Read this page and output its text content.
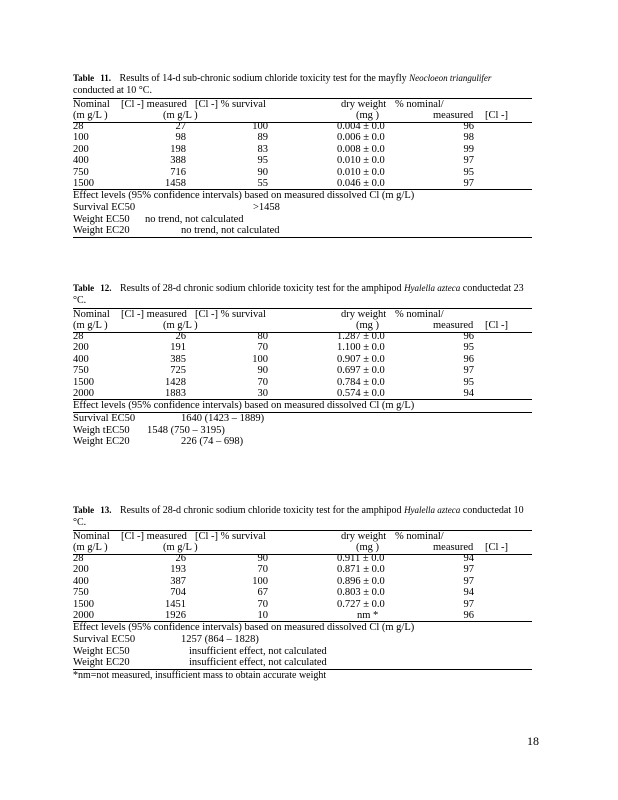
Table 11. Results of 14-d sub-chronic sodium chloride toxicity test for the mayfly Neocloeon triangulifer conducted at 10 °C.
Nominal [Cl -] measured [Cl -] % survival	dry weight % nominal/
(m g/L )	(m g/L )	(mg )	measured [Cl -]
28	27	100	0.004 ± 0.0	96
100	98	89	0.006 ± 0.0	98
200	198	83	0.008 ± 0.0	99
400	388	95	0.010 ± 0.0	97
750	716	90	0.010 ± 0.0	95
1500	1458	55	0.046 ± 0.0	97
Effect levels (95% confidence intervals) based on measured dissolved Cl (m g/L)
Survival EC50	>1458
Weight EC50 no trend, not calculated
Weight EC20	no trend, not calculated
Table 12. Results of 28-d chronic sodium chloride toxicity test for the amphipod Hyalella azteca conductedat 23 °C.
Nominal [Cl -] measured [Cl -] % survival	dry weight % nominal/
(m g/L )	(m g/L )	(mg )	measured [Cl -]
28	26	80	1.287 ± 0.0	96
200	191	70	1.100 ± 0.0	95
400	385	100	0.907 ± 0.0	96
750	725	90	0.697 ± 0.0	97
1500	1428	70	0.784 ± 0.0	95
2000	1883	30	0.574 ± 0.0	94
Effect levels (95% confidence intervals) based on measured dissolved Cl (m g/L)
Survival EC50	1640 (1423 – 1889)
Weigh tEC50 1548 (750 – 3195)
Weight EC20	226 (74 – 698)
Table 13. Results of 28-d chronic sodium chloride toxicity test for the amphipod Hyalella azteca conductedat 10 °C.
Nominal [Cl -] measured [Cl -] % survival	dry weight % nominal/
(m g/L )	(m g/L )	(mg )	measured [Cl -]
28	26	90	0.911 ± 0.0	94
200	193	70	0.871 ± 0.0	97
400	387	100	0.896 ± 0.0	97
750	704	67	0.803 ± 0.0	94
1500	1451	70	0.727 ± 0.0	97
2000	1926	10	nm *	96
Effect levels (95% confidence intervals) based on measured dissolved Cl (m g/L)
Survival EC50	1257 (864 – 1828)
Weight EC50	insufficient effect, not calculated
Weight EC20	insufficient effect, not calculated
*nm=not measured, insufficient mass to obtain accurate weight
18
